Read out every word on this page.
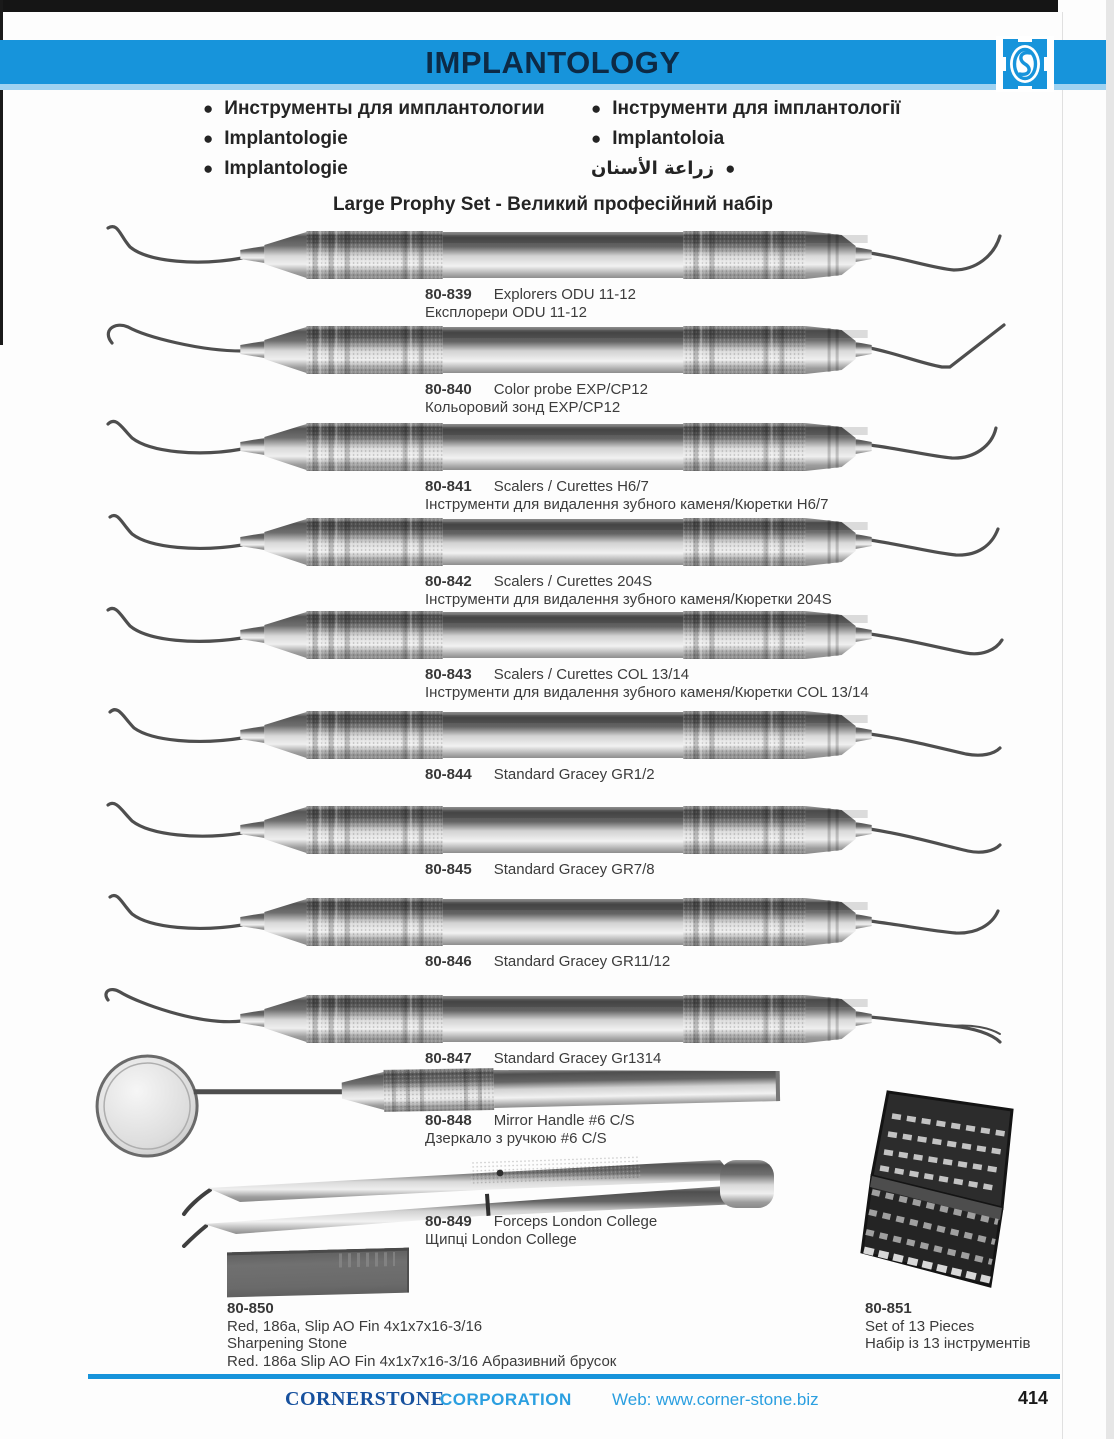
IMPLANTOLOGY
● Инструменты для имплантологии
● Implantologie
● Implantologie
● Інструменти для імплантології
● Implantoloia
زراعة الأسنان ●
Large Prophy Set - Великий професійний набір
80-839 Explorers ODU 11-12
Експлорери ODU 11-12
80-840 Color probe EXP/CP12
Кольоровий зонд EXP/CP12
80-841 Scalers / Curettes H6/7
Інструменти для видалення зубного каменя/Кюретки H6/7
80-842 Scalers / Curettes 204S
Інструменти для видалення зубного каменя/Кюретки 204S
80-843 Scalers / Curettes COL 13/14
Інструменти для видалення зубного каменя/Кюретки COL 13/14
80-844 Standard Gracey GR1/2
80-845 Standard Gracey GR7/8
80-846 Standard Gracey GR11/12
80-847 Standard Gracey Gr1314
80-848 Mirror Handle #6 C/S
Дзеркало з ручкою #6 C/S
80-849 Forceps London College
Щипці London College
80-850
Red, 186a, Slip AO Fin 4x1x7x16-3/16
Sharpening Stone
Red. 186a Slip AO Fin 4x1x7x16-3/16 Абразивний брусок
80-851
Set of 13 Pieces
Набір із 13 інструментів
CORNERSTONE
CORPORATION Web: www.corner-stone.biz	414
